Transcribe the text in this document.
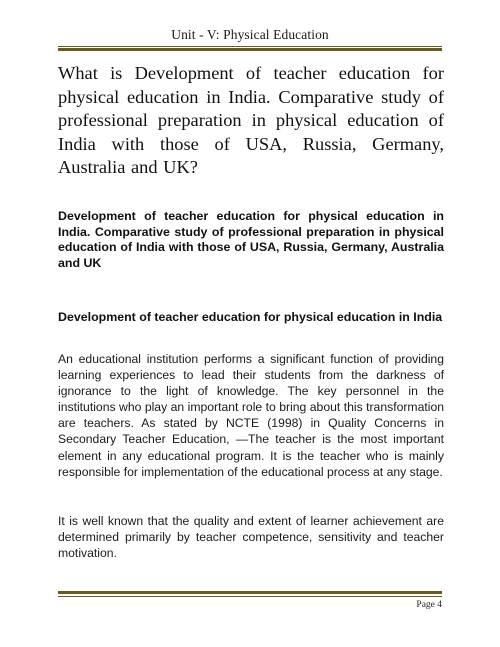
Unit - V: Physical Education

What is Development of teacher education for physical education in India. Comparative study of professional preparation in physical education of India with those of USA, Russia, Germany, Australia and UK?

Development of teacher education for physical education in India. Comparative study of professional preparation in physical education of India with those of USA, Russia, Germany, Australia and UK

Development of teacher education for physical education in India

An educational institution performs a significant function of providing learning experiences to lead their students from the darkness of ignorance to the light of knowledge. The key personnel in the institutions who play an important role to bring about this transformation are teachers. As stated by NCTE (1998) in Quality Concerns in Secondary Teacher Education, —The teacher is the most important element in any educational program. It is the teacher who is mainly responsible for implementation of the educational process at any stage.

It is well known that the quality and extent of learner achievement are determined primarily by teacher competence, sensitivity and teacher motivation.

Page 4
